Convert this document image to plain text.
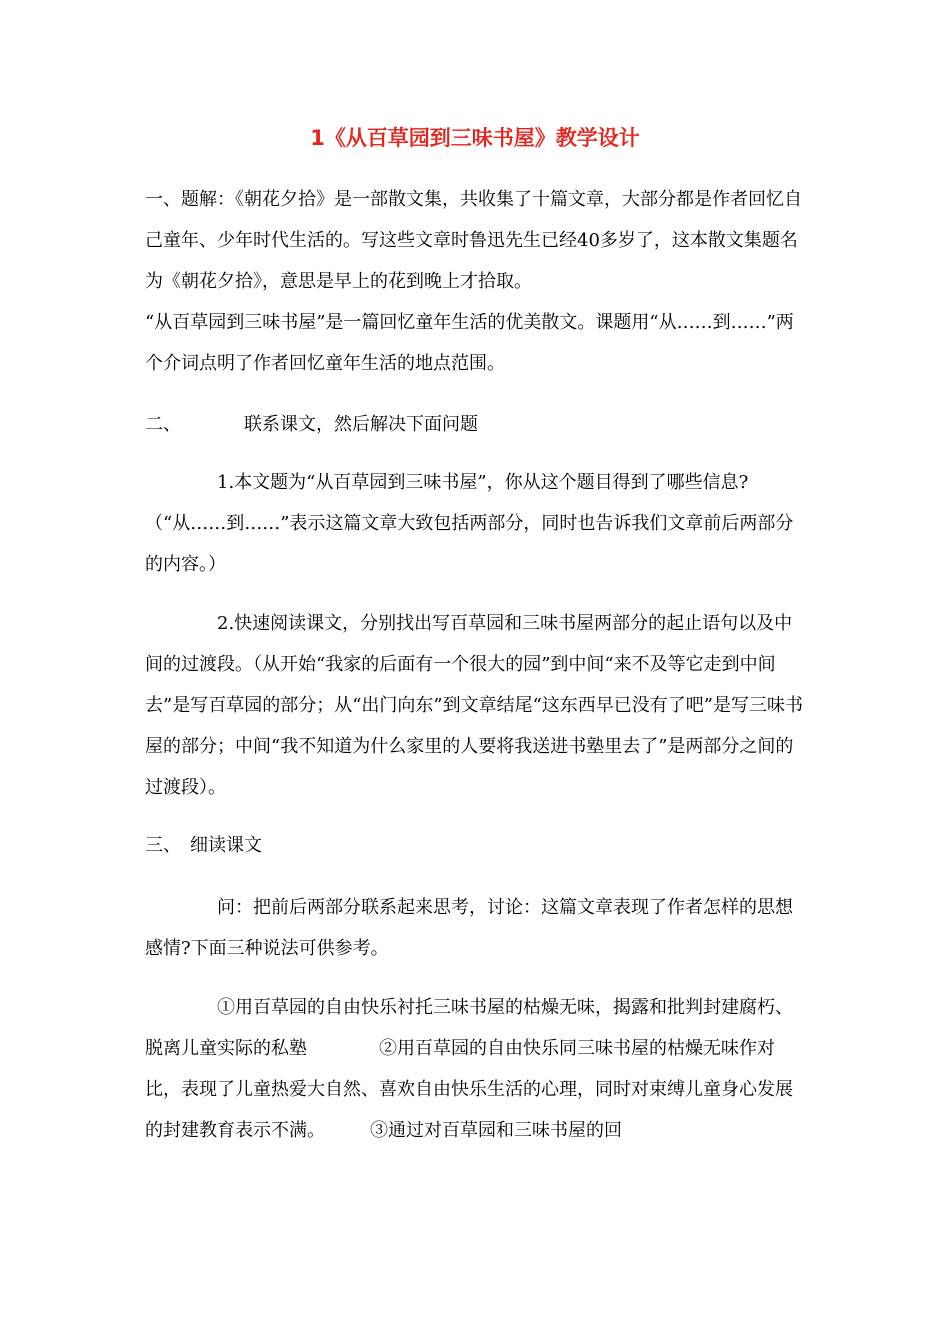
1《从百草园到三味书屋》教学设计
一、题解：《朝花夕拾》是一部散文集，共收集了十篇文章，大部分都是作者回忆自己童年、少年时代生活的。写这些文章时鲁迅先生已经40多岁了，这本散文集题名为《朝花夕拾》，意思是早上的花到晚上才拾取。
“从百草园到三味书屋”是一篇回忆童年生活的优美散文。课题用“从……到……”两个介词点明了作者回忆童年生活的地点范围。
二、　　　　联系课文，然后解决下面问题
1.本文题为“从百草园到三味书屋”，你从这个题目得到了哪些信息?（“从……到……”表示这篇文章大致包括两部分，同时也告诉我们文章前后两部分的内容。）
2.快速阅读课文，分别找出写百草园和三味书屋两部分的起止语句以及中间的过渡段。（从开始“我家的后面有一个很大的园”到中间“来不及等它走到中间去”是写百草园的部分；从“出门向东”到文章结尾“这东西早已没有了吧”是写三味书屋的部分；中间“我不知道为什么家里的人要将我送进书塾里去了”是两部分之间的过渡段）。
三、　细读课文
问：把前后两部分联系起来思考，讨论：这篇文章表现了作者怎样的思想感情?下面三种说法可供参考。
①用百草园的自由快乐衬托三味书屋的枯燥无味，揭露和批判封建腐朽、脱离儿童实际的私塾　　　　②用百草园的自由快乐同三味书屋的枯燥无味作对比，表现了儿童热爱大自然、喜欢自由快乐生活的心理，同时对束缚儿童身心发展的封建教育表示不满。　　　③通过对百草园和三味书屋的回
